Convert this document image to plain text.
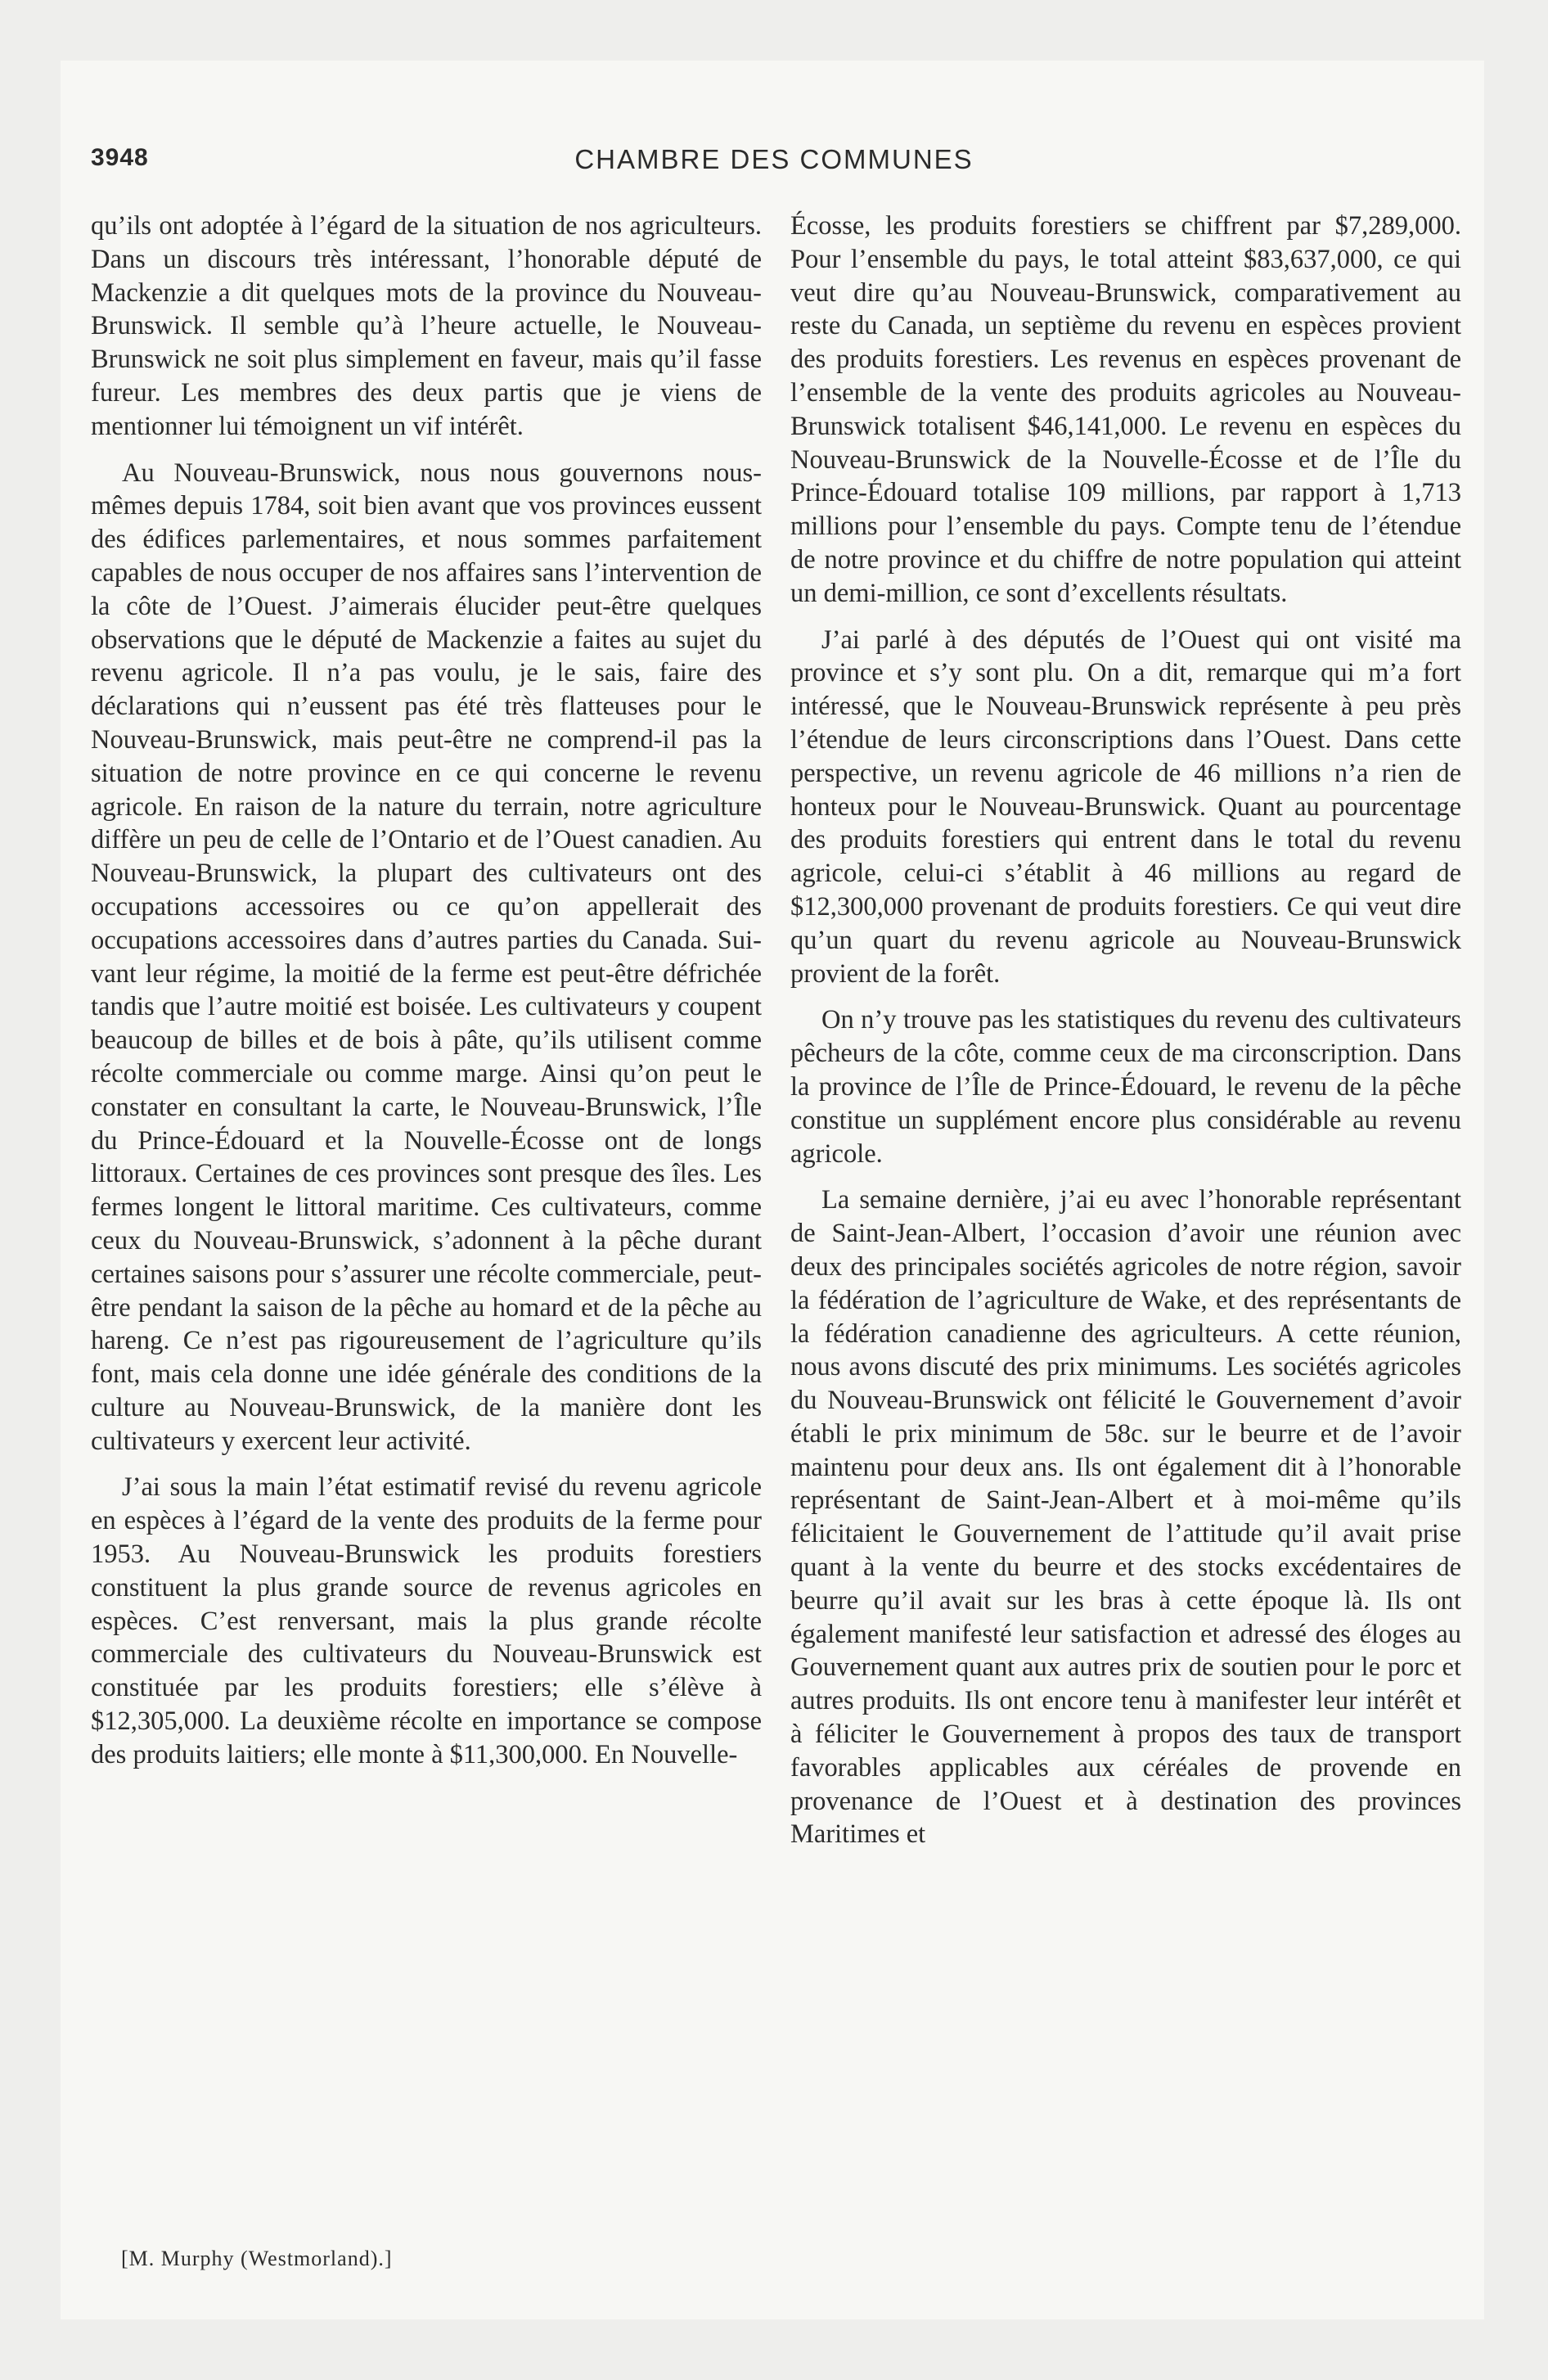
3948	CHAMBRE DES COMMUNES

qu’ils ont adoptée à l’égard de la situation de nos agriculteurs. Dans un discours très intéressant, l’honorable député de Mackenzie a dit quelques mots de la province du Nouveau-Brunswick. Il semble qu’à l’heure actuelle, le Nouveau-Brunswick ne soit plus simplement en faveur, mais qu’il fasse fureur. Les membres des deux partis que je viens de mentionner lui témoignent un vif intérêt.

Au Nouveau-Brunswick, nous nous gouvernons nous-mêmes depuis 1784, soit bien avant que vos provinces eussent des édifices parlementaires, et nous sommes parfaitement capables de nous occuper de nos affaires sans l’intervention de la côte de l’Ouest. J’aimerais élucider peut-être quelques observations que le député de Mackenzie a faites au sujet du revenu agricole. Il n’a pas voulu, je le sais, faire des déclarations qui n’eussent pas été très flatteuses pour le Nouveau-Brunswick, mais peut-être ne comprend-il pas la situation de notre province en ce qui concerne le revenu agricole. En raison de la nature du terrain, notre agriculture diffère un peu de celle de l’Ontario et de l’Ouest canadien. Au Nouveau-Brunswick, la plupart des cultivateurs ont des occupations accessoires ou ce qu’on appellerait des occupations accessoires dans d’autres parties du Canada. Suivant leur régime, la moitié de la ferme est peut-être défrichée tandis que l’autre moitié est boisée. Les cultivateurs y coupent beaucoup de billes et de bois à pâte, qu’ils utilisent comme récolte commerciale ou comme marge. Ainsi qu’on peut le constater en consultant la carte, le Nouveau-Brunswick, l’Île du Prince-Édouard et la Nouvelle-Écosse ont de longs littoraux. Certaines de ces provinces sont presque des îles. Les fermes longent le littoral maritime. Ces cultivateurs, comme ceux du Nouveau-Brunswick, s’adonnent à la pêche durant certaines saisons pour s’assurer une récolte commerciale, peut-être pendant la saison de la pêche au homard et de la pêche au hareng. Ce n’est pas rigoureusement de l’agriculture qu’ils font, mais cela donne une idée générale des conditions de la culture au Nouveau-Brunswick, de la manière dont les cultivateurs y exercent leur activité.

J’ai sous la main l’état estimatif revisé du revenu agricole en espèces à l’égard de la vente des produits de la ferme pour 1953. Au Nouveau-Brunswick les produits forestiers constituent la plus grande source de revenus agricoles en espèces. C’est renversant, mais la plus grande récolte commerciale des cultivateurs du Nouveau-Brunswick est constituée par les produits forestiers; elle s’élève à $12,305,000. La deuxième récolte en importance se compose des produits laitiers; elle monte à $11,300,000. En Nouvelle-

Écosse, les produits forestiers se chiffrent par $7,289,000. Pour l’ensemble du pays, le total atteint $83,637,000, ce qui veut dire qu’au Nouveau-Brunswick, comparativement au reste du Canada, un septième du revenu en espèces provient des produits forestiers. Les revenus en espèces provenant de l’ensemble de la vente des produits agricoles au Nouveau-Brunswick totalisent $46,141,000. Le revenu en espèces du Nouveau-Brunswick de la Nouvelle-Écosse et de l’Île du Prince-Édouard totalise 109 millions, par rapport à 1,713 millions pour l’ensemble du pays. Compte tenu de l’étendue de notre province et du chiffre de notre population qui atteint un demi-million, ce sont d’excellents résultats.

J’ai parlé à des députés de l’Ouest qui ont visité ma province et s’y sont plu. On a dit, remarque qui m’a fort intéressé, que le Nouveau-Brunswick représente à peu près l’étendue de leurs circonscriptions dans l’Ouest. Dans cette perspective, un revenu agricole de 46 millions n’a rien de honteux pour le Nouveau-Brunswick. Quant au pourcentage des produits forestiers qui entrent dans le total du revenu agricole, celui-ci s’établit à 46 millions au regard de $12,300,000 provenant de produits forestiers. Ce qui veut dire qu’un quart du revenu agricole au Nouveau-Brunswick provient de la forêt.

On n’y trouve pas les statistiques du revenu des cultivateurs pêcheurs de la côte, comme ceux de ma circonscription. Dans la province de l’Île de Prince-Édouard, le revenu de la pêche constitue un supplément encore plus considérable au revenu agricole.

La semaine dernière, j’ai eu avec l’honorable représentant de Saint-Jean-Albert, l’occasion d’avoir une réunion avec deux des principales sociétés agricoles de notre région, savoir la fédération de l’agriculture de Wake, et des représentants de la fédération canadienne des agriculteurs. A cette réunion, nous avons discuté des prix minimums. Les sociétés agricoles du Nouveau-Brunswick ont félicité le Gouvernement d’avoir établi le prix minimum de 58c. sur le beurre et de l’avoir maintenu pour deux ans. Ils ont également dit à l’honorable représentant de Saint-Jean-Albert et à moi-même qu’ils félicitaient le Gouvernement de l’attitude qu’il avait prise quant à la vente du beurre et des stocks excédentaires de beurre qu’il avait sur les bras à cette époque là. Ils ont également manifesté leur satisfaction et adressé des éloges au Gouvernement quant aux autres prix de soutien pour le porc et autres produits. Ils ont encore tenu à manifester leur intérêt et à féliciter le Gouvernement à propos des taux de transport favorables applicables aux céréales de provende en provenance de l’Ouest et à destination des provinces Maritimes et

[M. Murphy (Westmorland).]
